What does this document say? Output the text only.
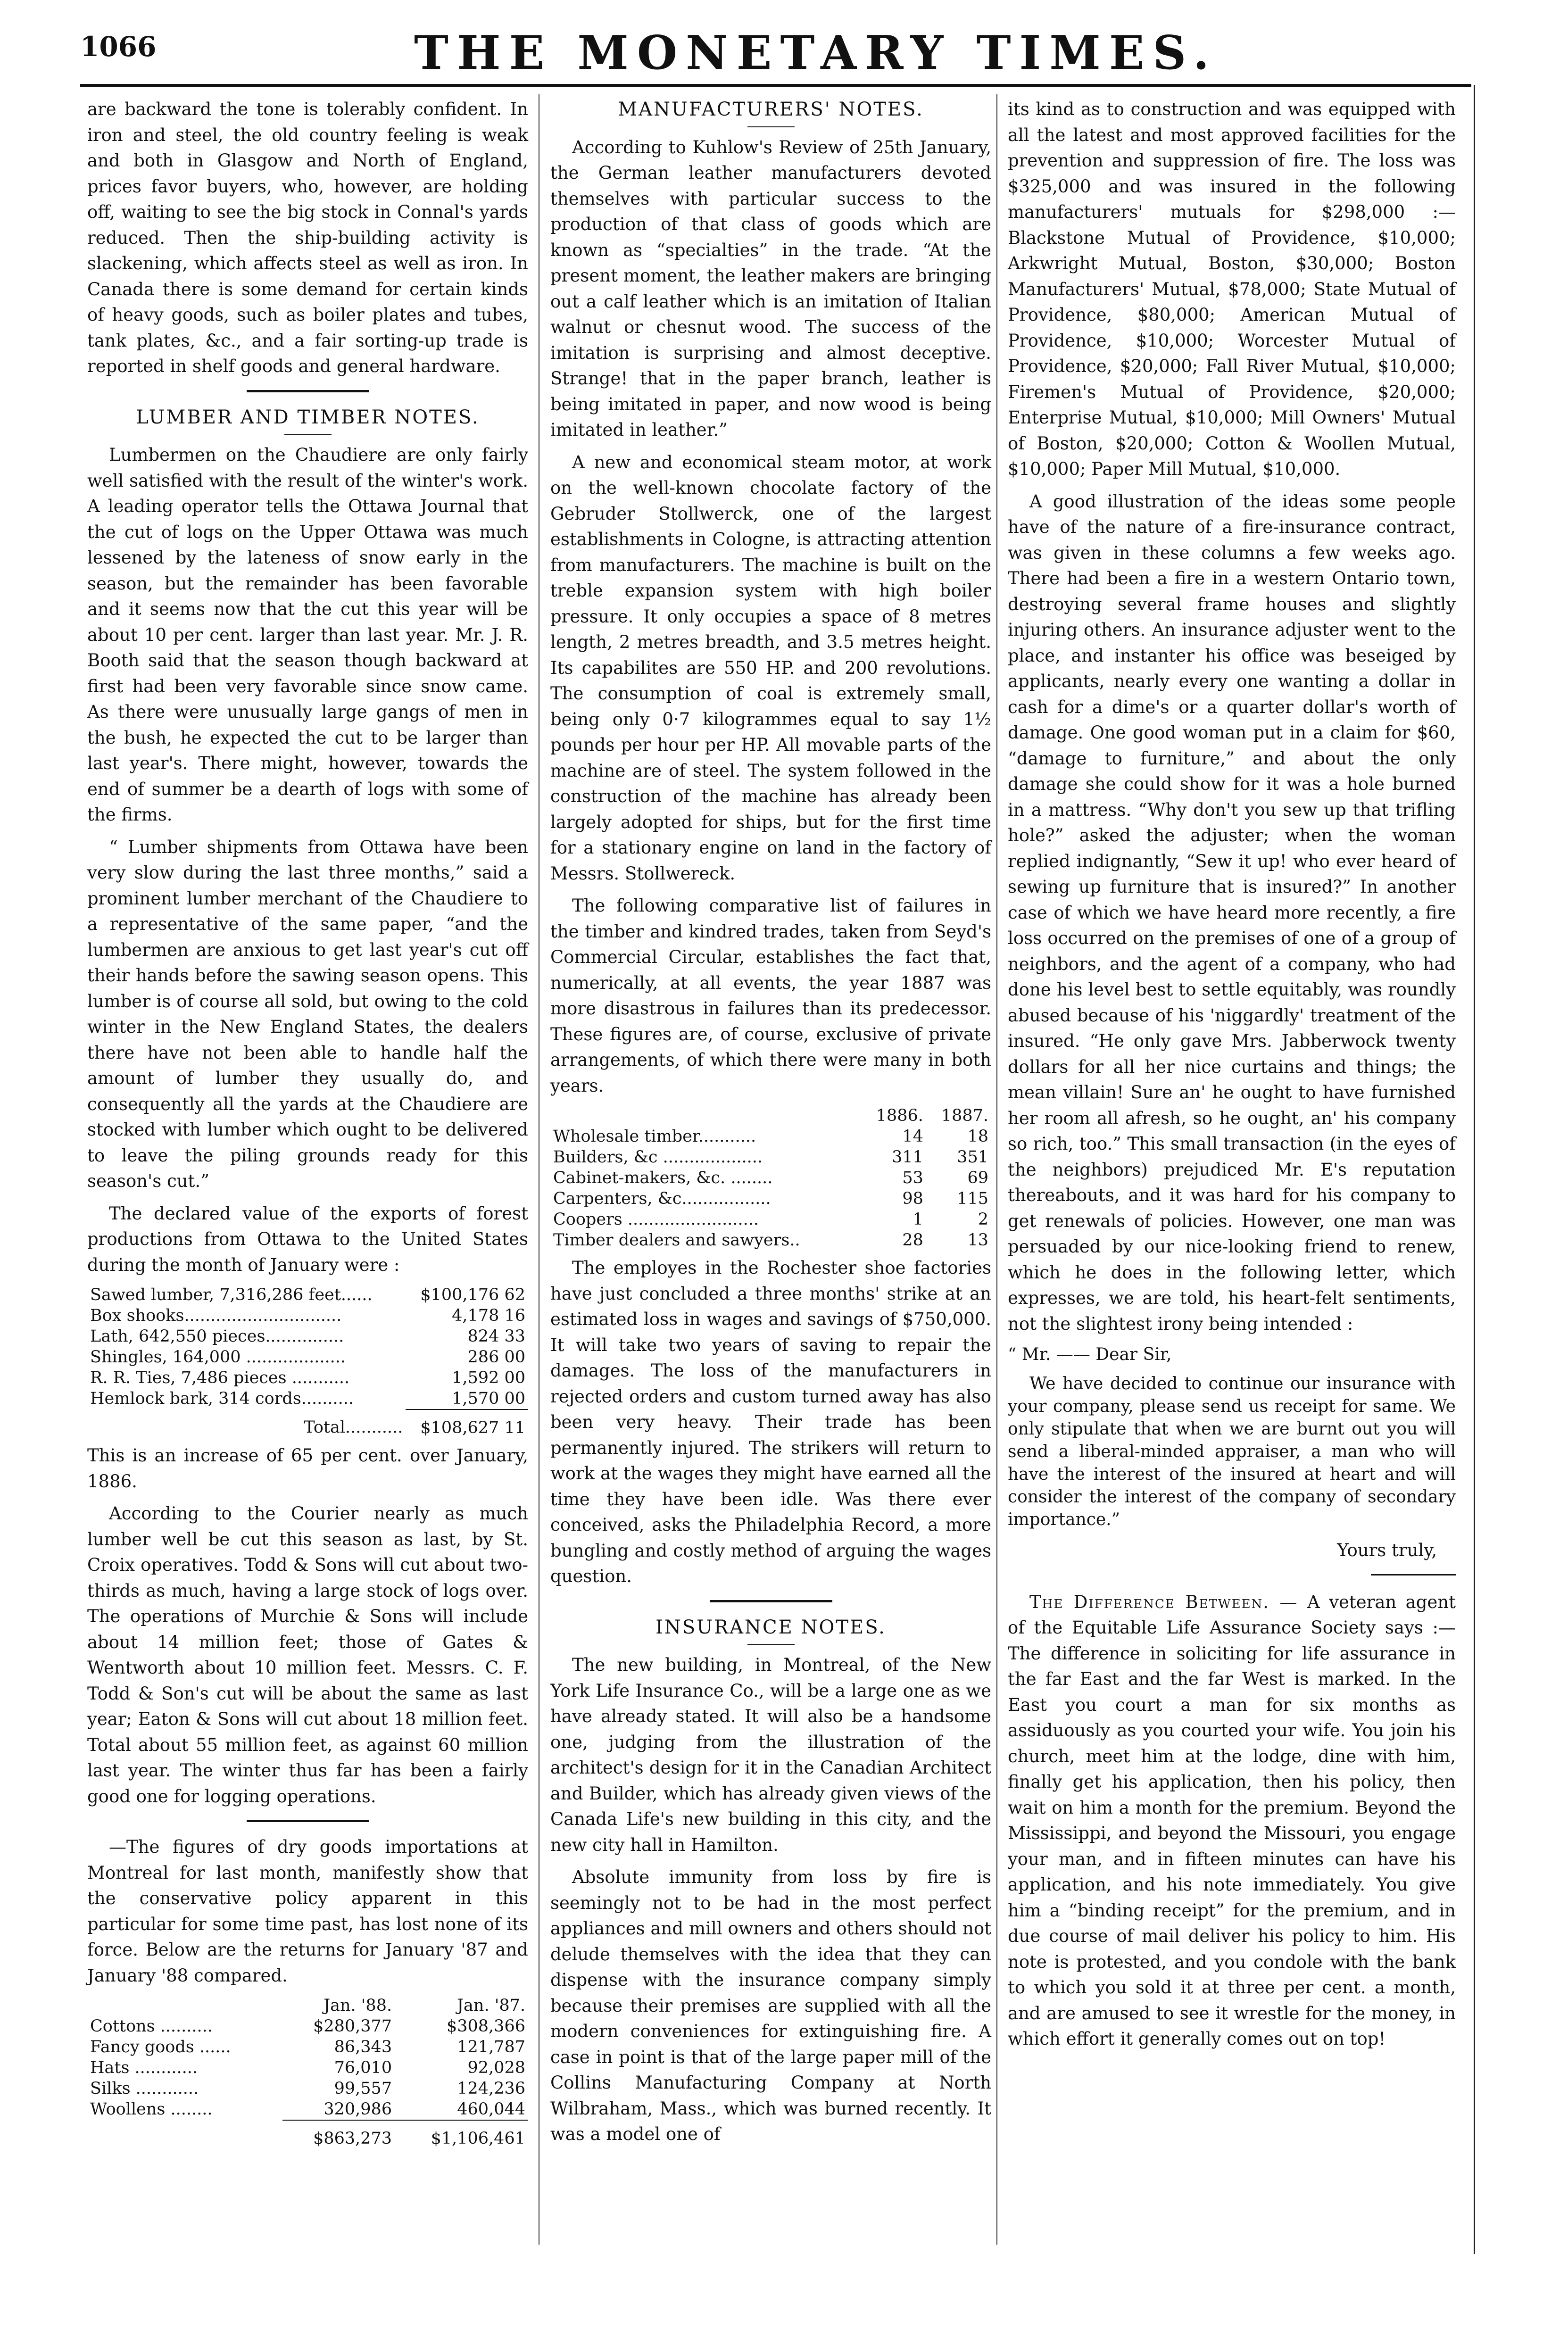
1066	THE MONETARY TIMES.

are backward the tone is tolerably confident. In iron and steel, the old country feeling is weak and both in Glasgow and North of England, prices favor buyers, who, however, are holding off, waiting to see the big stock in Connal's yards reduced. Then the ship-building activity is slackening, which affects steel as well as iron. In Canada there is some demand for certain kinds of heavy goods, such as boiler plates and tubes, tank plates, &c., and a fair sorting-up trade is reported in shelf goods and general hardware.

LUMBER AND TIMBER NOTES.

Lumbermen on the Chaudiere are only fairly well satisfied with the result of the winter's work. A leading operator tells the Ottawa Journal that the cut of logs on the Upper Ottawa was much lessened by the lateness of snow early in the season, but the remainder has been favorable and it seems now that the cut this year will be about 10 per cent. larger than last year. Mr. J. R. Booth said that the season though backward at first had been very favorable since snow came. As there were unusually large gangs of men in the bush, he expected the cut to be larger than last year's. There might, however, towards the end of summer be a dearth of logs with some of the firms.

“ Lumber shipments from Ottawa have been very slow during the last three months,” said a prominent lumber merchant of the Chaudiere to a representative of the same paper, “and the lumbermen are anxious to get last year's cut off their hands before the sawing season opens. This lumber is of course all sold, but owing to the cold winter in the New England States, the dealers there have not been able to handle half the amount of lumber they usually do, and consequently all the yards at the Chaudiere are stocked with lumber which ought to be delivered to leave the piling grounds ready for this season's cut.”

The declared value of the exports of forest productions from Ottawa to the United States during the month of January were :

Sawed lumber, 7,316,286 feet......	$100,176 62
Box shooks..............................	4,178 16
Lath, 642,550 pieces...............	824 33
Shingles, 164,000 ...................	286 00
R. R. Ties, 7,486 pieces ...........	1,592 00
Hemlock bark, 314 cords..........	1,570 00
Total...........	$108,627 11

This is an increase of 65 per cent. over January, 1886.

According to the Courier nearly as much lumber well be cut this season as last, by St. Croix operatives. Todd & Sons will cut about two-thirds as much, having a large stock of logs over. The operations of Murchie & Sons will include about 14 million feet; those of Gates & Wentworth about 10 million feet. Messrs. C. F. Todd & Son's cut will be about the same as last year; Eaton & Sons will cut about 18 million feet. Total about 55 million feet, as against 60 million last year. The winter thus far has been a fairly good one for logging operations.

—The figures of dry goods importations at Montreal for last month, manifestly show that the conservative policy apparent in this particular for some time past, has lost none of its force. Below are the returns for January '87 and January '88 compared.

	Jan. '88.	Jan. '87.
Cottons ..........	$280,377	$308,366
Fancy goods ......	86,343	121,787
Hats ............	76,010	92,028
Silks ............	99,557	124,236
Woollens ........	320,986	460,044
	$863,273	$1,106,461
MANUFACTURERS' NOTES.

According to Kuhlow's Review of 25th January, the German leather manufacturers devoted themselves with particular success to the production of that class of goods which are known as “specialties” in the trade. “At the present moment, the leather makers are bringing out a calf leather which is an imitation of Italian walnut or chesnut wood. The success of the imitation is surprising and almost deceptive. Strange! that in the paper branch, leather is being imitated in paper, and now wood is being imitated in leather.”

A new and economical steam motor, at work on the well-known chocolate factory of the Gebruder Stollwerck, one of the largest establishments in Cologne, is attracting attention from manufacturers. The machine is built on the treble expansion system with high boiler pressure. It only occupies a space of 8 metres length, 2 metres breadth, and 3.5 metres height. Its capabilites are 550 HP. and 200 revolutions. The consumption of coal is extremely small, being only 0·7 kilogrammes equal to say 1½ pounds per hour per HP. All movable parts of the machine are of steel. The system followed in the construction of the machine has already been largely adopted for ships, but for the first time for a stationary engine on land in the factory of Messrs. Stollwereck.

The following comparative list of failures in the timber and kindred trades, taken from Seyd's Commercial Circular, establishes the fact that, numerically, at all events, the year 1887 was more disastrous in failures than its predecessor. These figures are, of course, exclusive of private arrangements, of which there were many in both years.

	1886.	1887.
Wholesale timber...........	14	18
Builders, &c ...................	311	351
Cabinet-makers, &c. ........	53	69
Carpenters, &c.................	98	115
Coopers .........................	1	2
Timber dealers and sawyers..	28	13

The employes in the Rochester shoe factories have just concluded a three months' strike at an estimated loss in wages and savings of $750,000. It will take two years of saving to repair the damages. The loss of the manufacturers in rejected orders and custom turned away has also been very heavy. Their trade has been permanently injured. The strikers will return to work at the wages they might have earned all the time they have been idle. Was there ever conceived, asks the Philadelphia Record, a more bungling and costly method of arguing the wages question.

INSURANCE NOTES.

The new building, in Montreal, of the New York Life Insurance Co., will be a large one as we have already stated. It will also be a handsome one, judging from the illustration of the architect's design for it in the Canadian Architect and Builder, which has already given views of the Canada Life's new building in this city, and the new city hall in Hamilton.

Absolute immunity from loss by fire is seemingly not to be had in the most perfect appliances and mill owners and others should not delude themselves with the idea that they can dispense with the insurance company simply because their premises are supplied with all the modern conveniences for extinguishing fire. A case in point is that of the large paper mill of the Collins Manufacturing Company at North Wilbraham, Mass., which was burned recently. It was a model one of

its kind as to construction and was equipped with all the latest and most approved facilities for the prevention and suppression of fire. The loss was $325,000 and was insured in the following manufacturers' mutuals for $298,000 :—Blackstone Mutual of Providence, $10,000; Arkwright Mutual, Boston, $30,000; Boston Manufacturers' Mutual, $78,000; State Mutual of Providence, $80,000; American Mutual of Providence, $10,000; Worcester Mutual of Providence, $20,000; Fall River Mutual, $10,000; Firemen's Mutual of Providence, $20,000; Enterprise Mutual, $10,000; Mill Owners' Mutual of Boston, $20,000; Cotton & Woollen Mutual, $10,000; Paper Mill Mutual, $10,000.

A good illustration of the ideas some people have of the nature of a fire-insurance contract, was given in these columns a few weeks ago. There had been a fire in a western Ontario town, destroying several frame houses and slightly injuring others. An insurance adjuster went to the place, and instanter his office was beseiged by applicants, nearly every one wanting a dollar in cash for a dime's or a quarter dollar's worth of damage. One good woman put in a claim for $60, “damage to furniture,” and about the only damage she could show for it was a hole burned in a mattress. “Why don't you sew up that trifling hole?” asked the adjuster; when the woman replied indignantly, “Sew it up! who ever heard of sewing up furniture that is insured?” In another case of which we have heard more recently, a fire loss occurred on the premises of one of a group of neighbors, and the agent of a company, who had done his level best to settle equitably, was roundly abused because of his 'niggardly' treatment of the insured. “He only gave Mrs. Jabberwock twenty dollars for all her nice curtains and things; the mean villain! Sure an' he ought to have furnished her room all afresh, so he ought, an' his company so rich, too.” This small transaction (in the eyes of the neighbors) prejudiced Mr. E's reputation thereabouts, and it was hard for his company to get renewals of policies. However, one man was persuaded by our nice-looking friend to renew, which he does in the following letter, which expresses, we are told, his heart-felt sentiments, not the slightest irony being intended :

“ Mr. —— Dear Sir,

We have decided to continue our insurance with your company, please send us receipt for same. We only stipulate that when we are burnt out you will send a liberal-minded appraiser, a man who will have the interest of the insured at heart and will consider the interest of the company of secondary importance.”

Yours truly,

The Difference Between. — A veteran agent of the Equitable Life Assurance Society says :—The difference in soliciting for life assurance in the far East and the far West is marked. In the East you court a man for six months as assiduously as you courted your wife. You join his church, meet him at the lodge, dine with him, finally get his application, then his policy, then wait on him a month for the premium. Beyond the Mississippi, and beyond the Missouri, you engage your man, and in fifteen minutes can have his application, and his note immediately. You give him a “binding receipt” for the premium, and in due course of mail deliver his policy to him. His note is protested, and you condole with the bank to which you sold it at three per cent. a month, and are amused to see it wrestle for the money, in which effort it generally comes out on top!
